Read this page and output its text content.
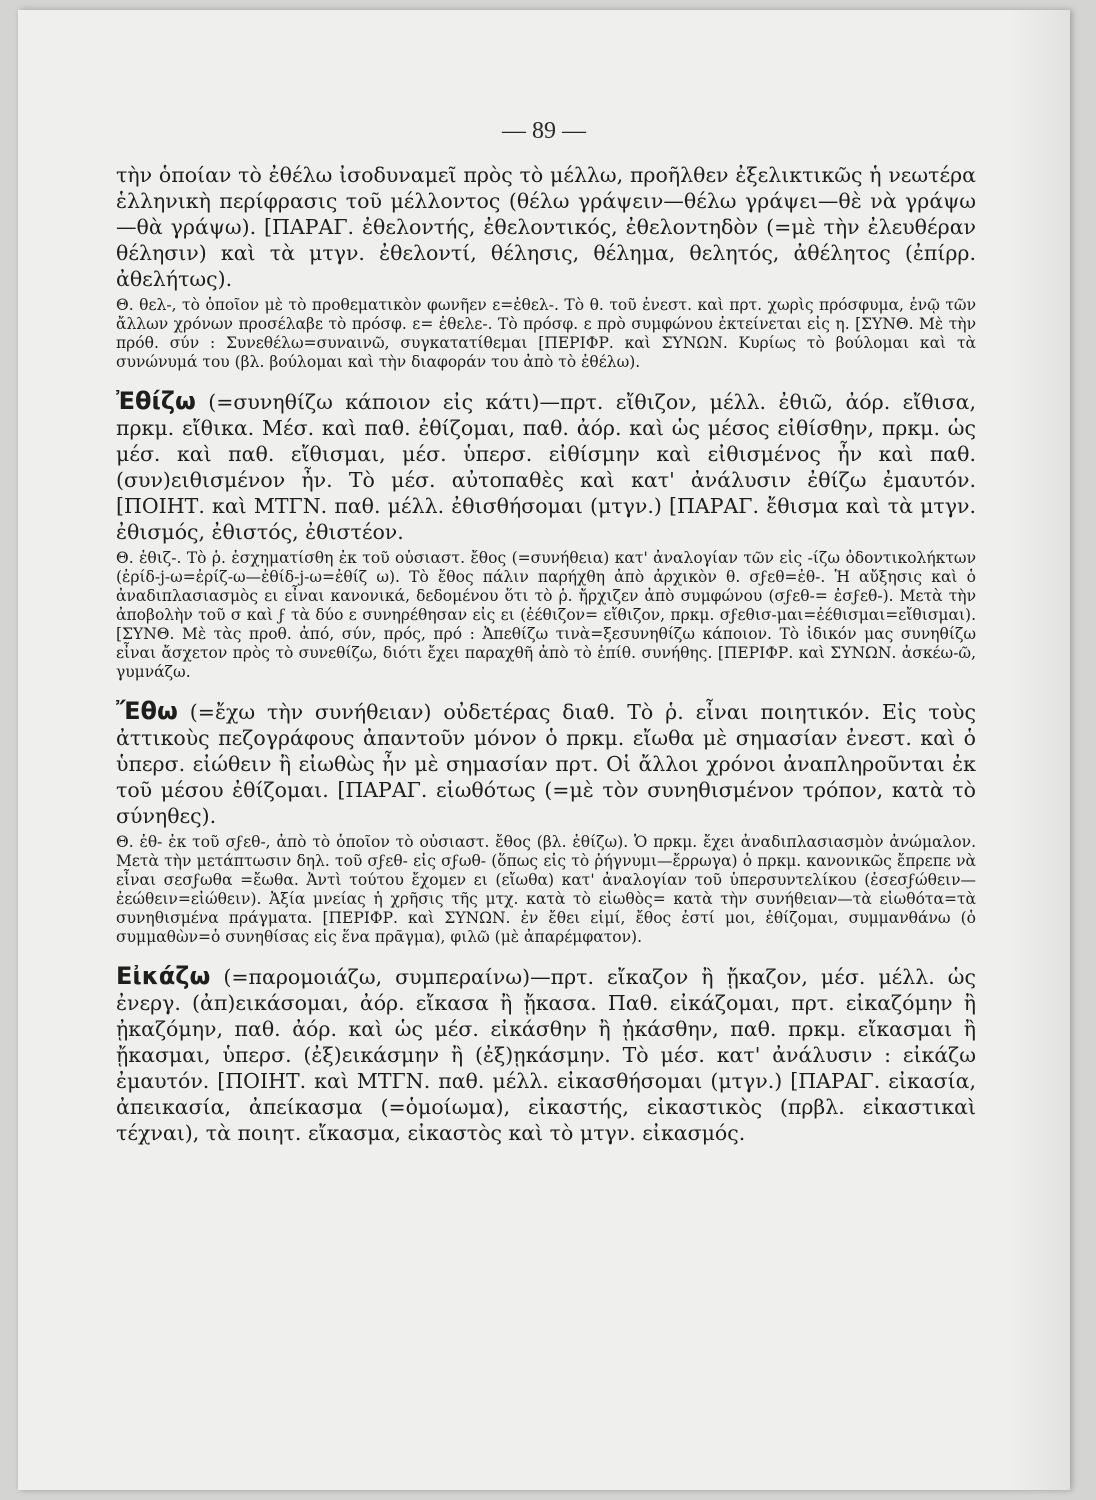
— 89 —

τὴν ὁποίαν τὸ ἐθέλω ἰσοδυναμεῖ πρὸς τὸ μέλλω, προῆλθεν ἐξελικτικῶς ἡ νεωτέρα ἑλληνικὴ περίφρασις τοῦ μέλλοντος (θέλω γράψειν—θέλω γράψει—θὲ νὰ γράψω—θὰ γράψω). [ΠΑΡΑΓ. ἐθελοντής, ἐθελοντικός, ἐθελοντηδὸν (=μὲ τὴν ἐλευθέραν θέλησιν) καὶ τὰ μτγν. ἐθελοντί, θέλησις, θέλημα, θελητός, ἀθέλητος (ἐπίρρ. ἀθελήτως).

Θ. θελ-, τὸ ὁποῖον μὲ τὸ προθεματικὸν φωνῆεν ε=ἐθελ-. Τὸ θ. τοῦ ἐνεστ. καὶ πρτ. χωρὶς πρόσφυμα, ἐνῷ τῶν ἄλλων χρόνων προσέλαβε τὸ πρόσφ. ε= ἐθελε-. Τὸ πρόσφ. ε πρὸ συμφώνου ἐκτείνεται εἰς η. [ΣΥΝΘ. Μὲ τὴν πρόθ. σύν : Συνεθέλω=συναινῶ, συγκατατίθεμαι [ΠΕΡΙΦΡ. καὶ ΣΥΝΩΝ. Κυρίως τὸ βούλομαι καὶ τὰ συνώνυμά του (βλ. βούλομαι καὶ τὴν διαφοράν του ἀπὸ τὸ ἐθέλω).

Ἐθίζω (=συνηθίζω κάποιον εἰς κάτι)—πρτ. εἴθιζον, μέλλ. ἐθιῶ, ἀόρ. εἴθισα, πρκμ. εἴθικα. Μέσ. καὶ παθ. ἐθίζομαι, παθ. ἀόρ. καὶ ὡς μέσος εἰθίσθην, πρκμ. ὡς μέσ. καὶ παθ. εἴθισμαι, μέσ. ὑπερσ. εἰθίσμην καὶ εἰθισμένος ἦν καὶ παθ. (συν)ειθισμένον ἦν. Τὸ μέσ. αὐτοπαθὲς καὶ κατ' ἀνάλυσιν ἐθίζω ἐμαυτόν. [ΠΟΙΗΤ. καὶ ΜΤΓΝ. παθ. μέλλ. ἐθισθήσομαι (μτγν.) [ΠΑΡΑΓ. ἔθισμα καὶ τὰ μτγν. ἐθισμός, ἐθιστός, ἐθιστέον.

Θ. ἐθιζ-. Τὸ ῥ. ἐσχηματίσθη ἐκ τοῦ οὐσιαστ. ἔθος (=συνήθεια) κατ' ἀναλογίαν τῶν εἰς -ίζω ὀδοντικολήκτων (ἐρίδ-j-ω=ἐρίζ-ω—ἐθίδ-j-ω=ἐθίζ ω). Τὸ ἔθος πάλιν παρήχθη ἀπὸ ἀρχικὸν θ. σϝεθ=ἐθ-. Ἡ αὔξησις καὶ ὁ ἀναδιπλασιασμὸς ει εἶναι κανονικά, δεδομένου ὅτι τὸ ῥ. ἤρχιζεν ἀπὸ συμφώνου (σϝεθ-= ἐσϝεθ-). Μετὰ τὴν ἀποβολὴν τοῦ σ καὶ ϝ τὰ δύο ε συνηρέθησαν εἰς ει (ἐέθιζον= εἴθιζον, πρκμ. σϝεθισ-μαι=ἐέθισμαι=εἴθισμαι). [ΣΥΝΘ. Μὲ τὰς προθ. ἀπό, σύν, πρός, πρό : Ἀπεθίζω τινὰ=ξεσυνηθίζω κάποιον. Τὸ ἰδικόν μας συνηθίζω εἶναι ἄσχετον πρὸς τὸ συνεθίζω, διότι ἔχει παραχθῆ ἀπὸ τὸ ἐπίθ. συνήθης. [ΠΕΡΙΦΡ. καὶ ΣΥΝΩΝ. ἀσκέω-ῶ, γυμνάζω.

Ἔθω (=ἔχω τὴν συνήθειαν) οὐδετέρας διαθ. Τὸ ῥ. εἶναι ποιητικόν. Εἰς τοὺς ἀττικοὺς πεζογράφους ἀπαντοῦν μόνον ὁ πρκμ. εἴωθα μὲ σημασίαν ἐνεστ. καὶ ὁ ὑπερσ. εἰώθειν ἢ εἰωθὼς ἦν μὲ σημασίαν πρτ. Οἱ ἄλλοι χρόνοι ἀναπληροῦνται ἐκ τοῦ μέσου ἐθίζομαι. [ΠΑΡΑΓ. εἰωθότως (=μὲ τὸν συνηθισμένον τρόπον, κατὰ τὸ σύνηθες).

Θ. ἐθ- ἐκ τοῦ σϝεθ-, ἀπὸ τὸ ὁποῖον τὸ οὐσιαστ. ἔθος (βλ. ἐθίζω). Ὁ πρκμ. ἔχει ἀναδιπλασιασμὸν ἀνώμαλον. Μετὰ τὴν μετάπτωσιν δηλ. τοῦ σϝεθ- εἰς σϝωθ- (ὅπως εἰς τὸ ῥήγνυμι—ἔρρωγα) ὁ πρκμ. κανονικῶς ἔπρεπε νὰ εἶναι σεσϝωθα =ἔωθα. Ἀντὶ τούτου ἔχομεν ει (εἴωθα) κατ' ἀναλογίαν τοῦ ὑπερσυντελίκου (ἐσεσϝώθειν—ἐεώθειν=εἰώθειν). Ἀξία μνείας ἡ χρῆσις τῆς μτχ. κατὰ τὸ εἰωθὸς= κατὰ τὴν συνήθειαν—τὰ εἰωθότα=τὰ συνηθισμένα πράγματα. [ΠΕΡΙΦΡ. καὶ ΣΥΝΩΝ. ἐν ἔθει εἰμί, ἔθος ἐστί μοι, ἐθίζομαι, συμμανθάνω (ὁ συμμαθὼν=ὁ συνηθίσας εἰς ἕνα πρᾶγμα), φιλῶ (μὲ ἀπαρέμφατον).

Εἰκάζω (=παρομοιάζω, συμπεραίνω)—πρτ. εἴκαζον ἢ ᾔκαζον, μέσ. μέλλ. ὡς ἐνεργ. (ἀπ)εικάσομαι, ἀόρ. εἴκασα ἢ ᾔκασα. Παθ. εἰκάζομαι, πρτ. εἰκαζόμην ἢ ᾐκαζόμην, παθ. ἀόρ. καὶ ὡς μέσ. εἰκάσθην ἢ ᾐκάσθην, παθ. πρκμ. εἴκασμαι ἢ ᾔκασμαι, ὑπερσ. (ἐξ)εικάσμην ἢ (ἐξ)ῃκάσμην. Τὸ μέσ. κατ' ἀνάλυσιν : εἰκάζω ἐμαυτόν. [ΠΟΙΗΤ. καὶ ΜΤΓΝ. παθ. μέλλ. εἰκασθήσομαι (μτγν.) [ΠΑΡΑΓ. εἰκασία, ἀπεικασία, ἀπείκασμα (=ὁμοίωμα), εἰκαστής, εἰκαστικὸς (πρβλ. εἰκαστικαὶ τέχναι), τὰ ποιητ. εἴκασμα, εἰκαστὸς καὶ τὸ μτγν. εἰκασμός.
